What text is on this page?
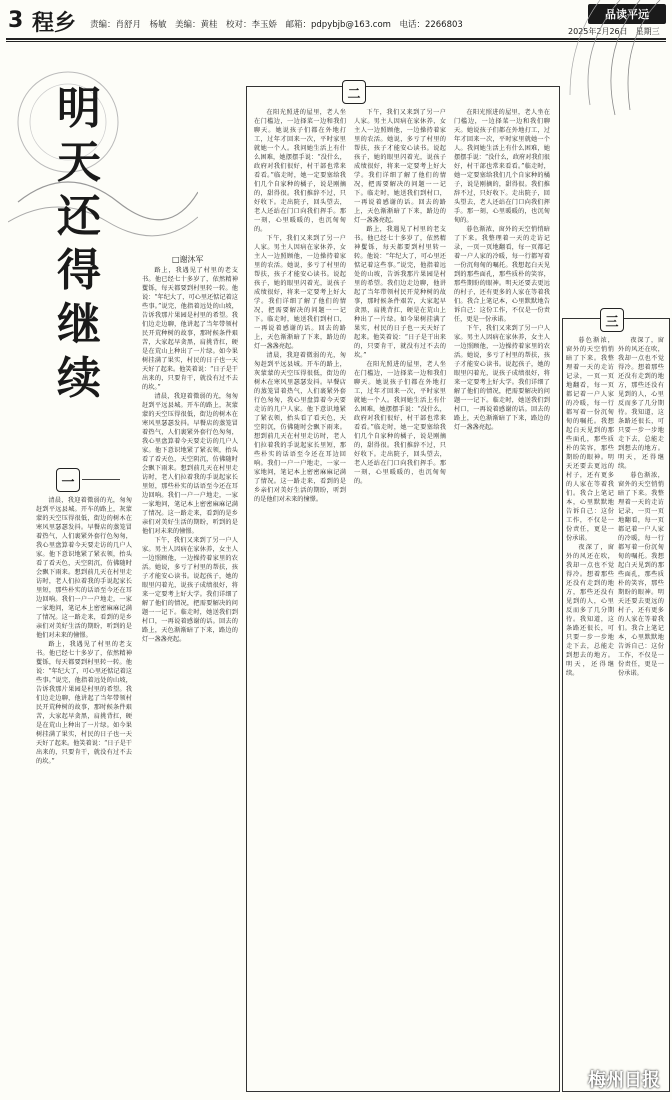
3 程乡 责编：肖舒月　杨敏　美编：黄桂　校对：李玉娇　邮箱：pdpybjb@163.com　电话：2266803
品读平远
2025年2月26日　星期三
明
天
还
得
继
续
□谢沐军
一

清晨，我迎着微弱的光，匆匆赶到平远县城。开车的路上，灰蒙蒙的天空压得很低，街边的树木在寒风里瑟瑟发抖。早餐店的蒸笼冒着热气，人们裹紧外套行色匆匆，我心里盘算着今天要走访的几户人家。他下意识地紧了紧衣领，抬头看了看天色，天空阴沉，仿佛随时会飘下雨来。想到前几天在村里走访时，老人们拉着我的手说起家长里短，那些朴实的话语至今还在耳边回响。我们一户一户地走，一家一家地问，笔记本上密密麻麻记满了情况。这一路走来，看到的是乡亲们对美好生活的期盼，听到的是他们对未来的憧憬。

路上，我遇见了村里的老支书。他已经七十多岁了，依然精神矍铄，每天都要到村里转一转。他说：“年纪大了，可心里还惦记着这些事。”说完，他指着远处的山坡，告诉我那片果园是村里的希望。我们边走边聊，他讲起了当年带领村民开荒种树的故事，那时候条件艰苦，大家起早贪黑，肩挑背扛，硬是在荒山上种出了一片绿。如今果树挂满了果实，村民的日子也一天天好了起来。他笑着说：“日子是干出来的，只要肯干，就没有过不去的坎。”

路上，我遇见了村里的老支书。他已经七十多岁了，依然精神矍铄，每天都要到村里转一转。他说：“年纪大了，可心里还惦记着这些事。”说完，他指着远处的山坡，告诉我那片果园是村里的希望。我们边走边聊，他讲起了当年带领村民开荒种树的故事，那时候条件艰苦，大家起早贪黑，肩挑背扛，硬是在荒山上种出了一片绿。如今果树挂满了果实，村民的日子也一天天好了起来。他笑着说：“日子是干出来的，只要肯干，就没有过不去的坎。”

清晨，我迎着微弱的光，匆匆赶到平远县城。开车的路上，灰蒙蒙的天空压得很低，街边的树木在寒风里瑟瑟发抖。早餐店的蒸笼冒着热气，人们裹紧外套行色匆匆，我心里盘算着今天要走访的几户人家。他下意识地紧了紧衣领，抬头看了看天色，天空阴沉，仿佛随时会飘下雨来。想到前几天在村里走访时，老人们拉着我的手说起家长里短，那些朴实的话语至今还在耳边回响。我们一户一户地走，一家一家地问，笔记本上密密麻麻记满了情况。这一路走来，看到的是乡亲们对美好生活的期盼，听到的是他们对未来的憧憬。

下午，我们又来到了另一户人家。男主人因病在家休养，女主人一边照顾他，一边操持着家里的农活。她说，多亏了村里的帮扶，孩子才能安心读书。说起孩子，她的眼里闪着光，说孩子成绩很好，将来一定要考上好大学。我们详细了解了他们的情况，把需要解决的问题一一记下。临走时，她送我们到村口，一再说着感谢的话。回去的路上，天色渐渐暗了下来，路边的灯一盏盏亮起。

二

在阳光照进的屋里，老人坐在门槛边，一边择菜一边和我们聊天。她说孩子们都在外地打工，过年才回来一次，平时家里就她一个人。我问她生活上有什么困难，她摆摆手说：“没什么，政府对我们很好，村干部也常来看看。”临走时，她一定要塞给我们几个自家种的橘子，说是刚摘的，甜得很。我们推辞不过，只好收下。走出院子，回头望去，老人还站在门口向我们挥手。那一刻，心里暖暖的，也沉甸甸的。

下午，我们又来到了另一户人家。男主人因病在家休养，女主人一边照顾他，一边操持着家里的农活。她说，多亏了村里的帮扶，孩子才能安心读书。说起孩子，她的眼里闪着光，说孩子成绩很好，将来一定要考上好大学。我们详细了解了他们的情况，把需要解决的问题一一记下。临走时，她送我们到村口，一再说着感谢的话。回去的路上，天色渐渐暗了下来，路边的灯一盏盏亮起。

清晨，我迎着微弱的光，匆匆赶到平远县城。开车的路上，灰蒙蒙的天空压得很低，街边的树木在寒风里瑟瑟发抖。早餐店的蒸笼冒着热气，人们裹紧外套行色匆匆，我心里盘算着今天要走访的几户人家。他下意识地紧了紧衣领，抬头看了看天色，天空阴沉，仿佛随时会飘下雨来。想到前几天在村里走访时，老人们拉着我的手说起家长里短，那些朴实的话语至今还在耳边回响。我们一户一户地走，一家一家地问，笔记本上密密麻麻记满了情况。这一路走来，看到的是乡亲们对美好生活的期盼，听到的是他们对未来的憧憬。

下午，我们又来到了另一户人家。男主人因病在家休养，女主人一边照顾他，一边操持着家里的农活。她说，多亏了村里的帮扶，孩子才能安心读书。说起孩子，她的眼里闪着光，说孩子成绩很好，将来一定要考上好大学。我们详细了解了他们的情况，把需要解决的问题一一记下。临走时，她送我们到村口，一再说着感谢的话。回去的路上，天色渐渐暗了下来，路边的灯一盏盏亮起。

路上，我遇见了村里的老支书。他已经七十多岁了，依然精神矍铄，每天都要到村里转一转。他说：“年纪大了，可心里还惦记着这些事。”说完，他指着远处的山坡，告诉我那片果园是村里的希望。我们边走边聊，他讲起了当年带领村民开荒种树的故事，那时候条件艰苦，大家起早贪黑，肩挑背扛，硬是在荒山上种出了一片绿。如今果树挂满了果实，村民的日子也一天天好了起来。他笑着说：“日子是干出来的，只要肯干，就没有过不去的坎。”

在阳光照进的屋里，老人坐在门槛边，一边择菜一边和我们聊天。她说孩子们都在外地打工，过年才回来一次，平时家里就她一个人。我问她生活上有什么困难，她摆摆手说：“没什么，政府对我们很好，村干部也常来看看。”临走时，她一定要塞给我们几个自家种的橘子，说是刚摘的，甜得很。我们推辞不过，只好收下。走出院子，回头望去，老人还站在门口向我们挥手。那一刻，心里暖暖的，也沉甸甸的。

在阳光照进的屋里，老人坐在门槛边，一边择菜一边和我们聊天。她说孩子们都在外地打工，过年才回来一次，平时家里就她一个人。我问她生活上有什么困难，她摆摆手说：“没什么，政府对我们很好，村干部也常来看看。”临走时，她一定要塞给我们几个自家种的橘子，说是刚摘的，甜得很。我们推辞不过，只好收下。走出院子，回头望去，老人还站在门口向我们挥手。那一刻，心里暖暖的，也沉甸甸的。

暮色渐浓，窗外的天空悄悄暗了下来。我整理着一天的走访记录，一页一页地翻看，每一页都记着一户人家的冷暖，每一行都写着一份沉甸甸的嘱托。我想起白天见到的那些面孔，那些质朴的笑容，那些期盼的眼神。明天还要去更远的村子，还有更多的人家在等着我们。我合上笔记本，心里默默地告诉自己：这份工作，不仅是一份责任，更是一份承诺。

下午，我们又来到了另一户人家。男主人因病在家休养，女主人一边照顾他，一边操持着家里的农活。她说，多亏了村里的帮扶，孩子才能安心读书。说起孩子，她的眼里闪着光，说孩子成绩很好，将来一定要考上好大学。我们详细了解了他们的情况，把需要解决的问题一一记下。临走时，她送我们到村口，一再说着感谢的话。回去的路上，天色渐渐暗了下来，路边的灯一盏盏亮起。

三

暮色渐浓，窗外的天空悄悄暗了下来。我整理着一天的走访记录，一页一页地翻看，每一页都记着一户人家的冷暖，每一行都写着一份沉甸甸的嘱托。我想起白天见到的那些面孔，那些质朴的笑容，那些期盼的眼神。明天还要去更远的村子，还有更多的人家在等着我们。我合上笔记本，心里默默地告诉自己：这份工作，不仅是一份责任，更是一份承诺。

夜深了，窗外的风还在吹，我却一点也不觉得冷。想着那些还没有走到的地方，那些还没有见到的人，心里反而多了几分期待。我知道，这条路还很长，可只要一步一步地走下去，总能走到想去的地方。明天，还得继续。

夜深了，窗外的风还在吹，我却一点也不觉得冷。想着那些还没有走到的地方，那些还没有见到的人，心里反而多了几分期待。我知道，这条路还很长，可只要一步一步地走下去，总能走到想去的地方。明天，还得继续。

暮色渐浓，窗外的天空悄悄暗了下来。我整理着一天的走访记录，一页一页地翻看，每一页都记着一户人家的冷暖，每一行都写着一份沉甸甸的嘱托。我想起白天见到的那些面孔，那些质朴的笑容，那些期盼的眼神。明天还要去更远的村子，还有更多的人家在等着我们。我合上笔记本，心里默默地告诉自己：这份工作，不仅是一份责任，更是一份承诺。

梅州日报
